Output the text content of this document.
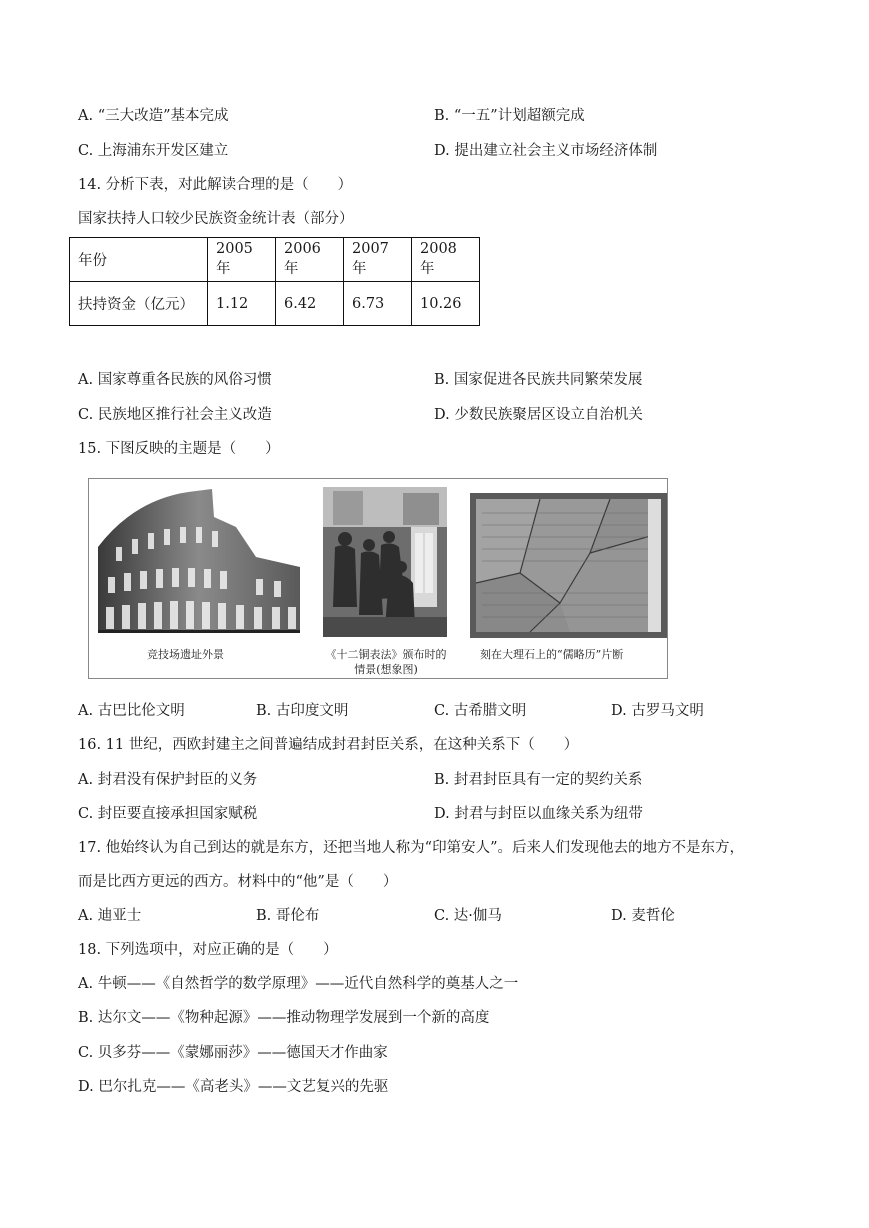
A. “三大改造”基本完成	B. “一五”计划超额完成
C. 上海浦东开发区建立	D. 提出建立社会主义市场经济体制
14. 分析下表，对此解读合理的是（　　）
国家扶持人口较少民族资金统计表（部分）
年份	2005 年	2006 年	2007 年	2008 年
扶持资金（亿元）	1.12	6.42	6.73	10.26
A. 国家尊重各民族的风俗习惯	B. 国家促进各民族共同繁荣发展
C. 民族地区推行社会主义改造	D. 少数民族聚居区设立自治机关
15. 下图反映的主题是（　　）
竞技场遗址外景	《十二铜表法》颁布时的
情景(想象图)
刻在大理石上的“儒略历”片断
A. 古巴比伦文明	B. 古印度文明	C. 古希腊文明	D. 古罗马文明
16. 11 世纪，西欧封建主之间普遍结成封君封臣关系，在这种关系下（　　）
A. 封君没有保护封臣的义务	B. 封君封臣具有一定的契约关系
C. 封臣要直接承担国家赋税	D. 封君与封臣以血缘关系为纽带
17. 他始终认为自己到达的就是东方，还把当地人称为“印第安人”。后来人们发现他去的地方不是东方，
而是比西方更远的西方。材料中的“他”是（　　）
A. 迪亚士	B. 哥伦布	C. 达·伽马	D. 麦哲伦
18. 下列选项中，对应正确的是（　　）
A. 牛顿——《自然哲学的数学原理》——近代自然科学的奠基人之一
B. 达尔文——《物种起源》——推动物理学发展到一个新的高度
C. 贝多芬——《蒙娜丽莎》——德国天才作曲家
D. 巴尔扎克——《高老头》——文艺复兴的先驱
